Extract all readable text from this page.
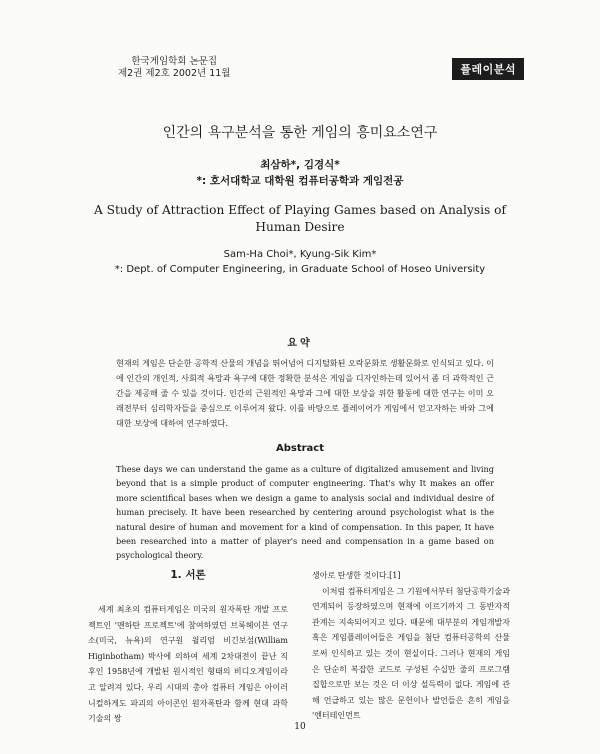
한국게임학회 논문집
제2권 제2호 2002년 11월	플레이분석
인간의 욕구분석을 통한 게임의 흥미요소연구
최삼하*, 김경식*
*: 호서대학교 대학원 컴퓨터공학과 게임전공
A Study of Attraction Effect of Playing Games based on Analysis of Human Desire
Sam-Ha Choi*, Kyung-Sik Kim*
*: Dept. of Computer Engineering, in Graduate School of Hoseo University
요약
현재의 게임은 단순한 공학적 산물의 개념을 뛰어넘어 디지털화된 오락문화로 생활문화로 인식되고 있다. 이에 인간의 개인적, 사회적 욕망과 욕구에 대한 정확한 분석은 게임을 디자인하는데 있어서 좀 더 과학적인 근간을 제공해 줄 수 있을 것이다. 인간의 근원적인 욕망과 그에 대한 보상을 위한 활동에 대한 연구는 이미 오래전부터 심리학자들을 중심으로 이루어져 왔다. 이를 바탕으로 플레이어가 게임에서 얻고자하는 바와 그에 대한 보상에 대하여 연구하였다.
Abstract
These days we can understand the game as a culture of digitalized amusement and living beyond that is a simple product of computer engineering. That's why It makes an offer more scientifical bases when we design a game to analysis social and individual desire of human precisely. It have been researched by centering around psychologist what is the natural desire of human and movement for a kind of compensation. In this paper, It have been researched into a matter of player's need and compensation in a game based on psychological theory.
1. 서론

세계 최초의 컴퓨터게임은 미국의 원자폭탄 개발 프로젝트인 '맨하탄 프로젝트'에 참여하였던 브룩헤이븐 연구소(미국, 뉴욕)의 연구원 윌리엄 비긴보섬(William Higinbotham) 박사에 의하여 세계 2차대전이 끝난 직후인 1958년에 개발된 원시적인 형태의 비디오게임이라고 알려져 있다. 우리 시대의 총아 컴퓨터 게임은 아이러니컬하게도 파괴의 아이콘인 원자폭탄과 함께 현대 과학기술의 쌍

생아로 탄생한 것이다.[1]

이처럼 컴퓨터게임은 그 기원에서부터 첨단공학기술과 연계되어 등장하였으며 현재에 이르기까지 그 동반자적 관계는 지속되어지고 있다. 때문에 대부분의 게임개발자 혹은 게임플레이어들은 게임을 첨단 컴퓨터공학의 산물로써 인식하고 있는 것이 현실이다. 그러나 현재의 게임은 단순히 복잡한 코드로 구성된 수십만 줄의 프로그램 집합으로만 보는 것은 더 이상 설득력이 없다. 게임에 관해 언급하고 있는 많은 문헌이나 발언들은 흔히 게임을 '엔터테인먼트

10
